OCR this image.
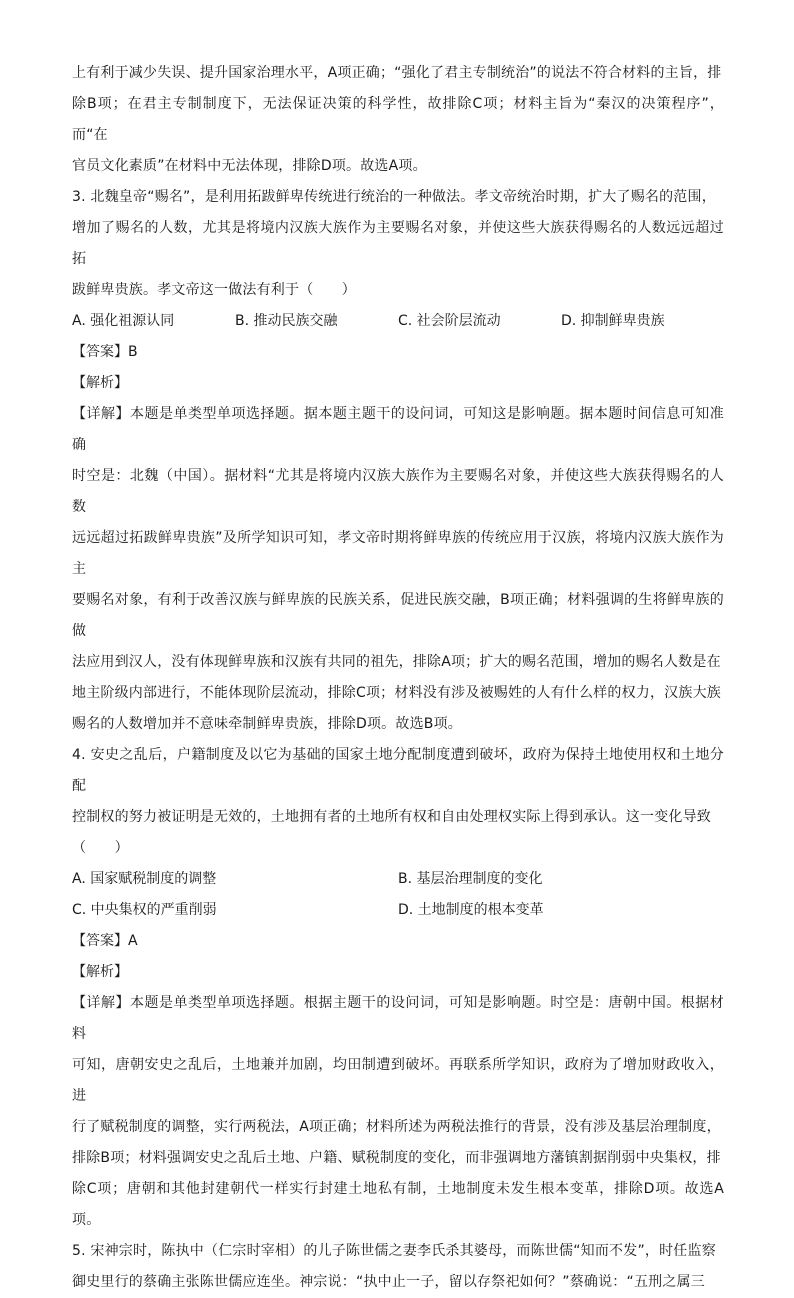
上有利于减少失误、提升国家治理水平，A项正确；“强化了君主专制统治”的说法不符合材料的主旨，排

除B项；在君主专制制度下，无法保证决策的科学性，故排除C项；材料主旨为“秦汉的决策程序”，而“在

官员文化素质”在材料中无法体现，排除D项。故选A项。

3. 北魏皇帝“赐名”，是利用拓跋鲜卑传统进行统治的一种做法。孝文帝统治时期，扩大了赐名的范围，

增加了赐名的人数，尤其是将境内汉族大族作为主要赐名对象，并使这些大族获得赐名的人数远远超过拓

跋鲜卑贵族。孝文帝这一做法有利于（　　）

A. 强化祖源认同	B. 推动民族交融	C. 社会阶层流动	D. 抑制鲜卑贵族

【答案】B

【解析】

【详解】本题是单类型单项选择题。据本题主题干的设问词，可知这是影响题。据本题时间信息可知准确

时空是：北魏（中国）。据材料“尤其是将境内汉族大族作为主要赐名对象，并使这些大族获得赐名的人数

远远超过拓跋鲜卑贵族”及所学知识可知，孝文帝时期将鲜卑族的传统应用于汉族，将境内汉族大族作为主

要赐名对象，有利于改善汉族与鲜卑族的民族关系，促进民族交融，B项正确；材料强调的生将鲜卑族的做

法应用到汉人，没有体现鲜卑族和汉族有共同的祖先，排除A项；扩大的赐名范围，增加的赐名人数是在

地主阶级内部进行，不能体现阶层流动，排除C项；材料没有涉及被赐姓的人有什么样的权力，汉族大族

赐名的人数增加并不意味牵制鲜卑贵族，排除D项。故选B项。

4. 安史之乱后，户籍制度及以它为基础的国家土地分配制度遭到破坏，政府为保持土地使用权和土地分配

控制权的努力被证明是无效的，土地拥有者的土地所有权和自由处理权实际上得到承认。这一变化导致

（　　）

A. 国家赋税制度的调整	B. 基层治理制度的变化
C. 中央集权的严重削弱	D. 土地制度的根本变革

【答案】A

【解析】

【详解】本题是单类型单项选择题。根据主题干的设问词，可知是影响题。时空是：唐朝中国。根据材料

可知，唐朝安史之乱后，土地兼并加剧，均田制遭到破坏。再联系所学知识，政府为了增加财政收入，进

行了赋税制度的调整，实行两税法，A项正确；材料所述为两税法推行的背景，没有涉及基层治理制度，

排除B项；材料强调安史之乱后土地、户籍、赋税制度的变化，而非强调地方藩镇割据削弱中央集权，排

除C项；唐朝和其他封建朝代一样实行封建土地私有制，土地制度未发生根本变革，排除D项。故选A项。

5. 宋神宗时，陈执中（仁宗时宰相）的儿子陈世儒之妻李氏杀其婆母，而陈世儒“知而不发”，时任监察

御史里行的蔡确主张陈世儒应连坐。神宗说：“执中止一子，留以存祭祀如何？”蔡确说：“五刑之属三
